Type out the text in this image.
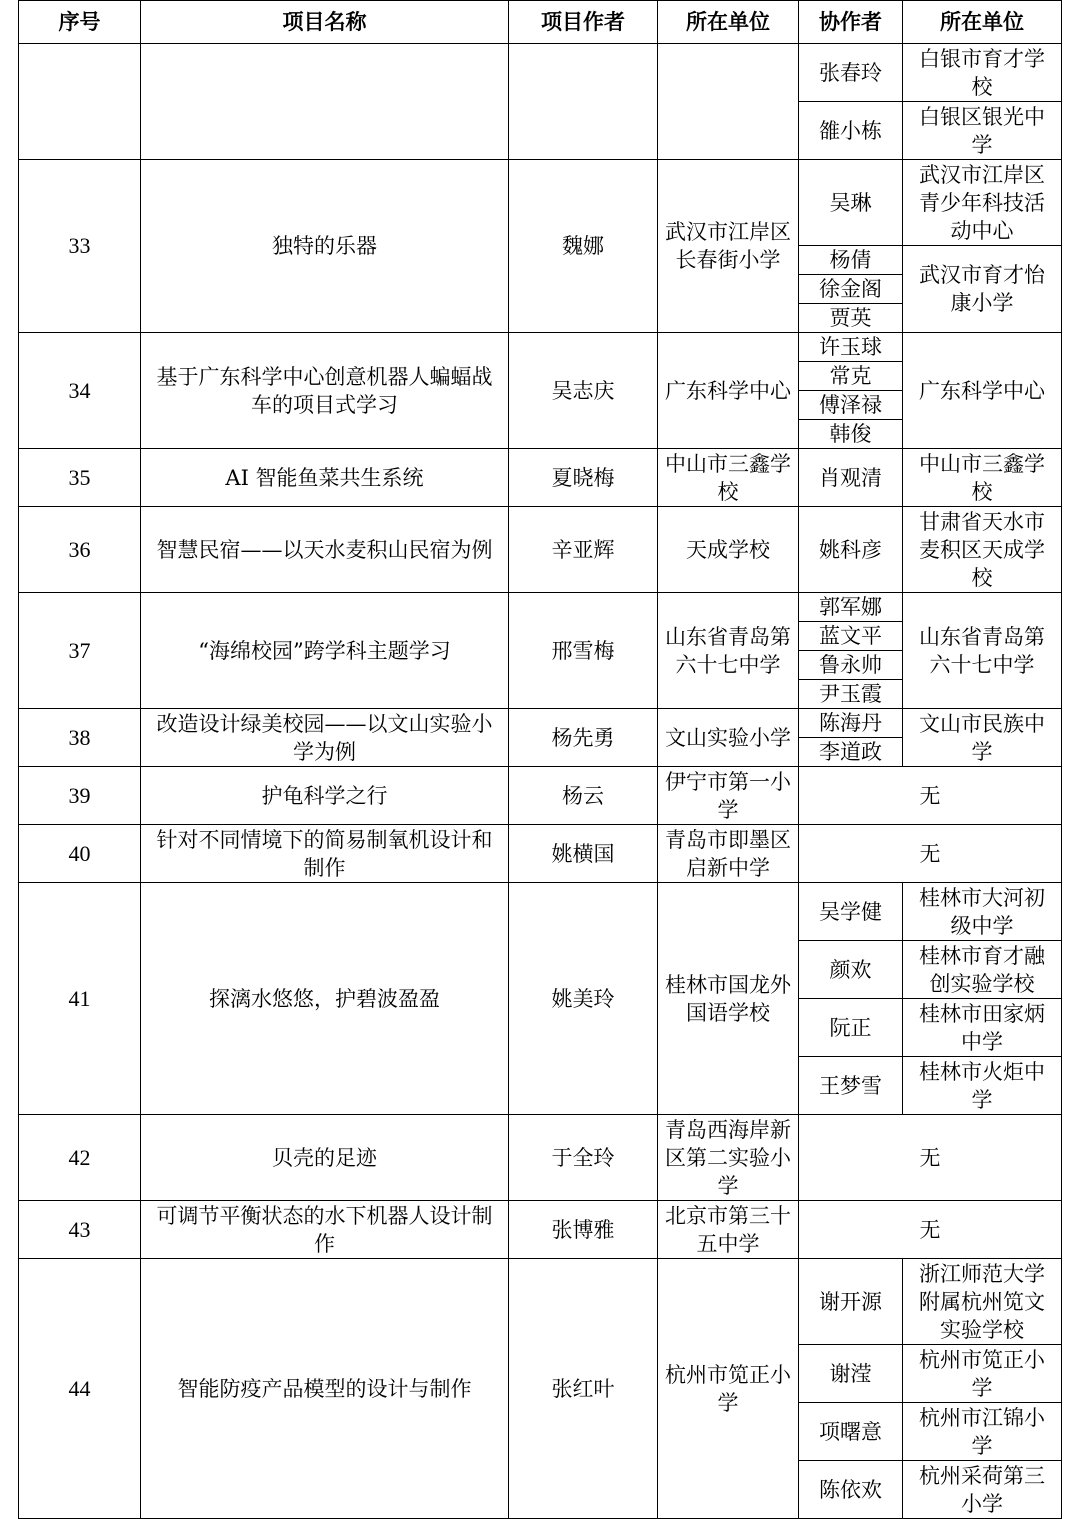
序号	项目名称	项目作者	所在单位	协作者	所在单位
				张春玲	白银市育才学校
				雒小栋	白银区银光中学
33	独特的乐器	魏娜	武汉市江岸区长春街小学	吴琳	武汉市江岸区青少年科技活动中心
				杨倩	武汉市育才怡康小学
				徐金阁	
				贾英	
34	基于广东科学中心创意机器人蝙蝠战车的项目式学习	吴志庆	广东科学中心	许玉球	广东科学中心
				常克	
				傅泽禄	
				韩俊	
35	AI 智能鱼菜共生系统	夏晓梅	中山市三鑫学校	肖观清	中山市三鑫学校
36	智慧民宿——以天水麦积山民宿为例	辛亚辉	天成学校	姚科彦	甘肃省天水市麦积区天成学校
37	“海绵校园”跨学科主题学习	邢雪梅	山东省青岛第六十七中学	郭军娜	山东省青岛第六十七中学
				蓝文平	
				鲁永帅	
				尹玉霞	
38	改造设计绿美校园——以文山实验小学为例	杨先勇	文山实验小学	陈海丹	文山市民族中学
				李道政	
39	护龟科学之行	杨云	伊宁市第一小学	无	
40	针对不同情境下的简易制氧机设计和制作	姚横国	青岛市即墨区启新中学	无	
41	探漓水悠悠，护碧波盈盈	姚美玲	桂林市国龙外国语学校	吴学健	桂林市大河初级中学
				颜欢	桂林市育才融创实验学校
				阮正	桂林市田家炳中学
				王梦雪	桂林市火炬中学
42	贝壳的足迹	于全玲	青岛西海岸新区第二实验小学	无	
43	可调节平衡状态的水下机器人设计制作	张博雅	北京市第三十五中学	无	
44	智能防疫产品模型的设计与制作	张红叶	杭州市笕正小学	谢开源	浙江师范大学附属杭州笕文实验学校
				谢滢	杭州市笕正小学
				项曙意	杭州市江锦小学
				陈依欢	杭州采荷第三小学
